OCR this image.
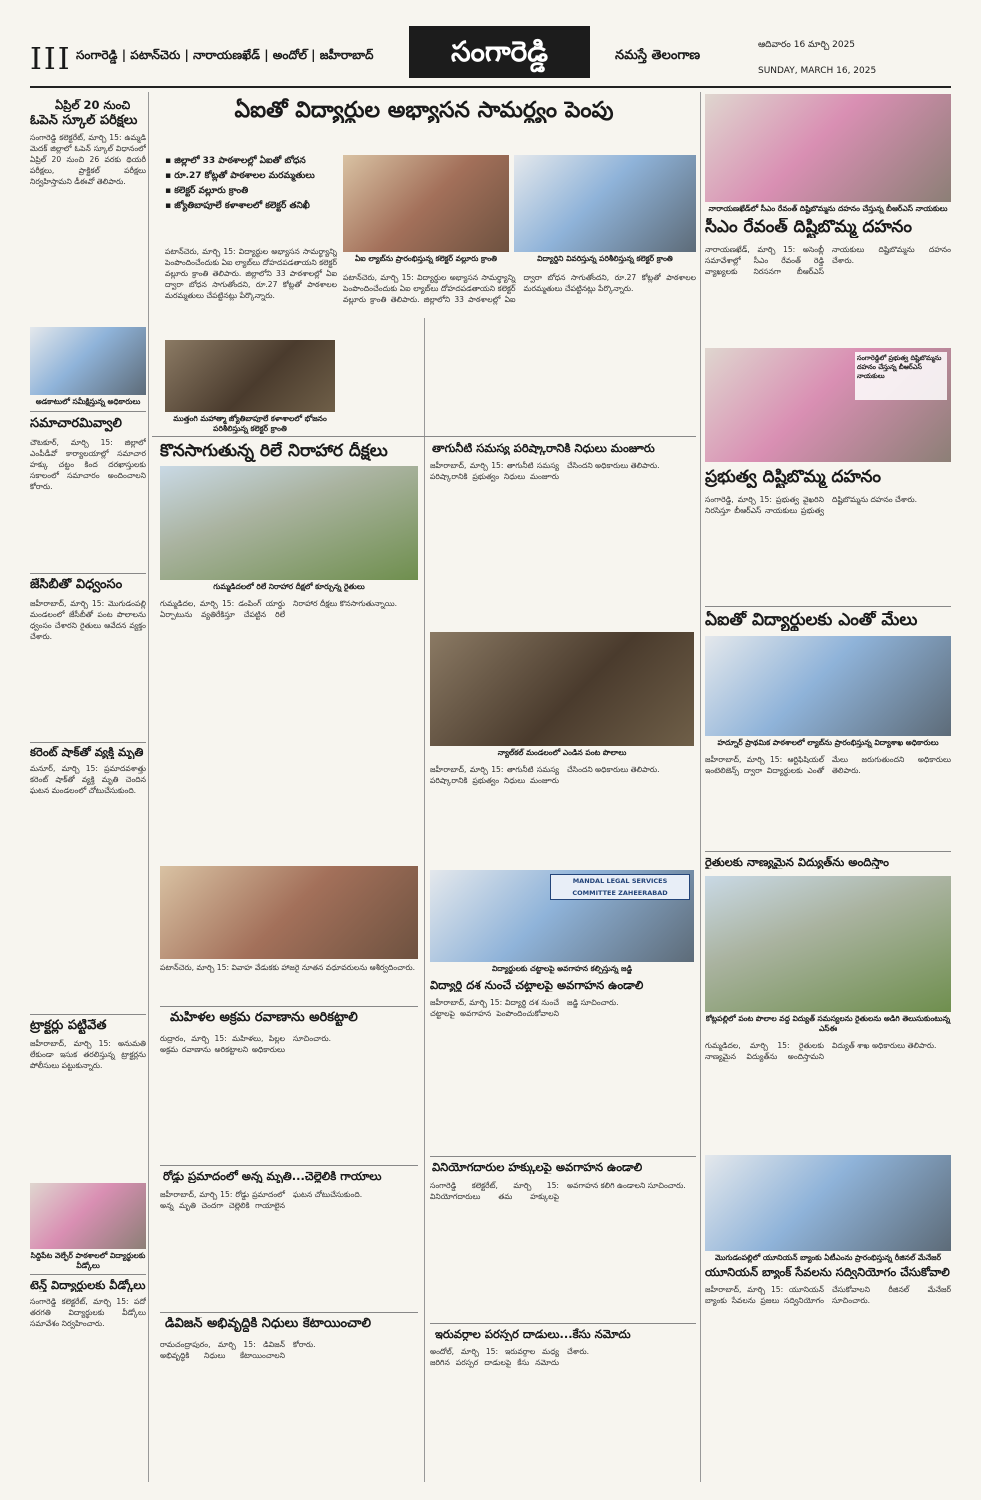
III సంగారెడ్డి | పటాన్‌చెరు | నారాయణఖేడ్ | అందోల్ | జహీరాబాద్	సంగారెడ్డి	నమస్తే తెలంగాణ
ఆదివారం 16 మార్చి 2025
SUNDAY, MARCH 16, 2025
ఏప్రిల్ 20 నుంచి
ఓపెన్ స్కూల్ పరీక్షలు
సంగారెడ్డి కలెక్టరేట్, మార్చి 15: ఉమ్మడి మెదక్ జిల్లాలో ఓపెన్ స్కూల్ విధానంలో ఏప్రిల్ 20 నుంచి 26 వరకు థియరీ పరీక్షలు, ప్రాక్టికల్ పరీక్షలు నిర్వహిస్తామని డీఈవో తెలిపారు.
అడకాటులో సమీక్షిస్తున్న అధికారులు
సమాచారమివ్వాలి
చౌటకూర్, మార్చి 15: జిల్లాలో ఎంపీడీవో కార్యాలయాల్లో సమాచార హక్కు చట్టం కింద దరఖాస్తులకు సకాలంలో సమాచారం అందించాలని కోరారు.
జేసీబీతో విధ్వంసం
జహీరాబాద్, మార్చి 15: మొగుడంపల్లి మండలంలో జేసీబీతో పంట పొలాలను ధ్వంసం చేశారని రైతులు ఆవేదన వ్యక్తం చేశారు.
కరెంట్ షాక్‌తో వ్యక్తి మృతి
మనూర్, మార్చి 15: ప్రమాదవశాత్తు కరెంట్ షాక్‌తో వ్యక్తి మృతి చెందిన ఘటన మండలంలో చోటుచేసుకుంది.
ట్రాక్టర్లు పట్టివేత
జహీరాబాద్, మార్చి 15: అనుమతి లేకుండా ఇసుక తరలిస్తున్న ట్రాక్టర్లను పోలీసులు పట్టుకున్నారు.
సిద్దిపేట వెల్ఫేర్ పాఠశాలలో విద్యార్థులకు వీడ్కోలు
టెన్త్ విద్యార్థులకు వీడ్కోలు
సంగారెడ్డి కలెక్టరేట్, మార్చి 15: పదో తరగతి విద్యార్థులకు వీడ్కోలు సమావేశం నిర్వహించారు.
ఏఐతో విద్యార్థుల అభ్యాసన సామర్థ్యం పెంపు
▪ జిల్లాలో 33 పాఠశాలల్లో ఏఐతో బోధన
▪ రూ.27 కోట్లతో పాఠశాలల మరమ్మతులు
▪ కలెక్టర్ వల్లూరు క్రాంతి
▪ జ్యోతిబాపూలే కళాశాలలో కలెక్టర్ తనిఖీ
ఏఐ ల్యాబ్‌ను ప్రారంభిస్తున్న కలెక్టర్ వల్లూరు క్రాంతి	విద్యార్థిని వివరిస్తున్న పరిశీలిస్తున్న కలెక్టర్ క్రాంతి
పటాన్‌చెరు, మార్చి 15: విద్యార్థుల అభ్యాసన సామర్థ్యాన్ని పెంపొందించేందుకు ఏఐ ల్యాబ్‌లు దోహదపడతాయని కలెక్టర్ వల్లూరు క్రాంతి తెలిపారు. జిల్లాలోని 33 పాఠశాలల్లో ఏఐ ద్వారా బోధన సాగుతోందని, రూ.27 కోట్లతో పాఠశాలల మరమ్మతులు చేపట్టినట్లు పేర్కొన్నారు.
ముత్తంగి మహాత్మా జ్యోతిబాపూలే కళాశాలలో భోజనం పరిశీలిస్తున్న కలెక్టర్ క్రాంతి
పటాన్‌చెరు, మార్చి 15: విద్యార్థుల అభ్యాసన సామర్థ్యాన్ని పెంపొందించేందుకు ఏఐ ల్యాబ్‌లు దోహదపడతాయని కలెక్టర్ వల్లూరు క్రాంతి తెలిపారు. జిల్లాలోని 33 పాఠశాలల్లో ఏఐ ద్వారా బోధన సాగుతోందని, రూ.27 కోట్లతో పాఠశాలల మరమ్మతులు చేపట్టినట్లు పేర్కొన్నారు.
కొనసాగుతున్న రిలే నిరాహార దీక్షలు
గుమ్మడిదలలో రిలే నిరాహార దీక్షలో కూర్చున్న రైతులు
గుమ్మడిదల, మార్చి 15: డంపింగ్ యార్డు ఏర్పాటును వ్యతిరేకిస్తూ చేపట్టిన రిలే నిరాహార దీక్షలు కొనసాగుతున్నాయి.
పటాన్‌చెరు, మార్చి 15: వివాహ వేడుకకు హాజరై నూతన వధూవరులను ఆశీర్వదించారు.
మహిళల అక్రమ రవాణాను అరికట్టాలి
రుద్రారం, మార్చి 15: మహిళలు, పిల్లల అక్రమ రవాణాను అరికట్టాలని అధికారులు సూచించారు.
రోడ్డు ప్రమాదంలో అన్న మృతి...చెల్లెలికి గాయాలు
జహీరాబాద్, మార్చి 15: రోడ్డు ప్రమాదంలో అన్న మృతి చెందగా చెల్లెలికి గాయాలైన ఘటన చోటుచేసుకుంది.
డివిజన్ అభివృద్ధికి నిధులు కేటాయించాలి
రామచంద్రాపురం, మార్చి 15: డివిజన్ అభివృద్ధికి నిధులు కేటాయించాలని కోరారు.
తాగునీటి సమస్య పరిష్కారానికి నిధులు మంజూరు
జహీరాబాద్, మార్చి 15: తాగునీటి సమస్య పరిష్కారానికి ప్రభుత్వం నిధులు మంజూరు చేసిందని అధికారులు తెలిపారు.
న్యాల్‌కల్ మండలంలో ఎండిన పంట పొలాలు
జహీరాబాద్, మార్చి 15: తాగునీటి సమస్య పరిష్కారానికి ప్రభుత్వం నిధులు మంజూరు చేసిందని అధికారులు తెలిపారు.
MANDAL LEGAL SERVICES COMMITTEE ZAHEERABAD
విద్యార్థులకు చట్టాలపై అవగాహన కల్పిస్తున్న జడ్జి
విద్యార్థి దశ నుంచే చట్టాలపై అవగాహన ఉండాలి
జహీరాబాద్, మార్చి 15: విద్యార్థి దశ నుంచే చట్టాలపై అవగాహన పెంపొందించుకోవాలని జడ్జి సూచించారు.
వినియోగదారుల హక్కులపై అవగాహన ఉండాలి
సంగారెడ్డి కలెక్టరేట్, మార్చి 15: వినియోగదారులు తమ హక్కులపై అవగాహన కలిగి ఉండాలని సూచించారు.
ఇరువర్గాల పరస్పర దాడులు...కేసు నమోదు
అందోల్, మార్చి 15: ఇరువర్గాల మధ్య జరిగిన పరస్పర దాడులపై కేసు నమోదు చేశారు.
నారాయణఖేడ్‌లో సీఎం రేవంత్ దిష్టిబొమ్మను దహనం చేస్తున్న బీఆర్ఎస్ నాయకులు
సీఎం రేవంత్ దిష్టిబొమ్మ దహనం
నారాయణఖేడ్, మార్చి 15: అసెంబ్లీ సమావేశాల్లో సీఎం రేవంత్ రెడ్డి వ్యాఖ్యలకు నిరసనగా బీఆర్ఎస్ నాయకులు దిష్టిబొమ్మను దహనం చేశారు.
సంగారెడ్డిలో ప్రభుత్వ దిష్టిబొమ్మను దహనం చేస్తున్న బీఆర్ఎస్ నాయకులు
ప్రభుత్వ దిష్టిబొమ్మ దహనం
సంగారెడ్డి, మార్చి 15: ప్రభుత్వ వైఖరిని నిరసిస్తూ బీఆర్ఎస్ నాయకులు ప్రభుత్వ దిష్టిబొమ్మను దహనం చేశారు.
ఏఐతో విద్యార్థులకు ఎంతో మేలు
హద్నూర్ ప్రాథమిక పాఠశాలలో ల్యాబ్‌ను ప్రారంభిస్తున్న విద్యాశాఖ అధికారులు
జహీరాబాద్, మార్చి 15: ఆర్టిఫిషియల్ ఇంటెలిజెన్స్ ద్వారా విద్యార్థులకు ఎంతో మేలు జరుగుతుందని అధికారులు తెలిపారు.
రైతులకు నాణ్యమైన విద్యుత్‌ను అందిస్తాం
కోట్లపల్లిలో పంట పొలాల వద్ద విద్యుత్ సమస్యలను రైతులను అడిగి తెలుసుకుంటున్న ఎస్ఈ
గుమ్మడిదల, మార్చి 15: రైతులకు నాణ్యమైన విద్యుత్‌ను అందిస్తామని విద్యుత్ శాఖ అధికారులు తెలిపారు.
మొగుడంపల్లిలో యూనియన్ బ్యాంకు ఏటీఎంను ప్రారంభిస్తున్న రీజినల్ మేనేజర్
యూనియన్ బ్యాంక్ సేవలను సద్వినియోగం చేసుకోవాలి
జహీరాబాద్, మార్చి 15: యూనియన్ బ్యాంకు సేవలను ప్రజలు సద్వినియోగం చేసుకోవాలని రీజినల్ మేనేజర్ సూచించారు.
